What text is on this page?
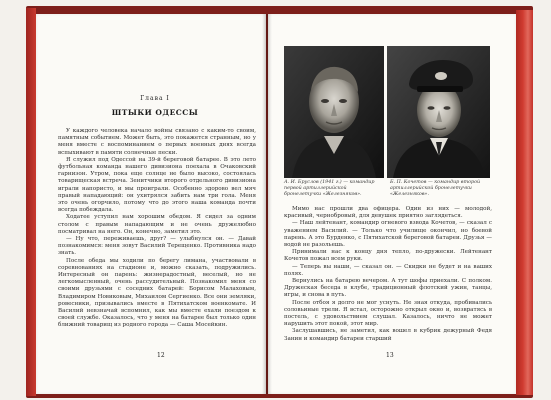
Глава I
ШТЫКИ ОДЕССЫ

У каждого человека начало войны связано с каким-то своим, памятным событием. Может быть, это покажется странным, но у меня вместе с воспоминанием о первых военных днях всегда вспыхивают в памяти солнечные пески.

Я служил под Одессой на 39-й береговой батарее. В это лето футбольная команда нашего дивизиона поехала в Очаковский гарнизон. Утром, пока еще солнце не было высоко, состоялась товарищеская встреча. Зенитчики второго отдельного дивизиона играли напористо, и мы проиграли. Особенно здорово вел мяч правый нападающий: он ухитрялся забить нам три гола. Меня это очень огорчило, потому что до этого наша команда почти всегда побеждала.

Ходатее уступил нам хорошим обедом. Я сидел за одним столом с правым нападающим и не очень дружелюбно посматривал на него. Он, конечно, заметил это.

— Ну что, переживаешь, друг? — улыбнулся он. — Давай познакомимся: меня зовут Василий Терещенко. Противника надо знать.

После обеда мы ходили по берегу лимана, участвовали в соревнованиях на стадионе и, можно сказать, подружились. Интересный он парень: жизнерадостный, веселый, но не легкомысленный, очень рассудительный. Познакомил меня со своими друзьями с соседних батарей: Борисом Малаховым, Владимиром Новиковым, Михаилом Сергиенко. Все они земляки, ровесники, призывались вместе в Пятихатском военкомате. И Василий невзначай вспомнил, как мы вместе ехали поездом к своей службе. Оказалось, что у меня на батарее был только один ближний товарищ из родного города — Саша Мосейкин.

12
А. И. Бруслов (1941 г.) — командир первой артиллерийской бронелетучки «Железняков».
Б. П. Кочетов — командир второй артиллерийской бронелетучки «Железняков».

Мимо нас прошли два офицера. Один из них — молодой, красивый, чернобровый, для девушек приятно заглядеться.

— Наш лейтенант, командир огневого взвода Кочетов, — сказал с уважением Василий. — Только что училище окончил, но боевой парень. А это Бурденко, с Пятихатской береговой батареи. Друзья — водой не разольешь.

Принимали нас к концу дня тепло, по-дружески. Лейтенант Кочетов пожал всем руки.

— Теперь вы наши, — сказал он. — Скидки не будет и на ваших полях.

Вернулись на батарею вечером. А тут шофы приехали. С полком. Дружеская беседа в клубе, традиционный флотский ужин, танцы, игры, и снова в путь.

После отбоя я долго не мог уснуть. Не зная откуда, пробивались соловьиные трели. Я встал, осторожно открыл окно и, возвратясь в постель, с удовольствием слушал. Казалось, ничто не может нарушить этот покой, этот мир.

Заслушавшись, не заметил, как вошел в кубрик дежурный Федя Занин и командир батареи старший

13
